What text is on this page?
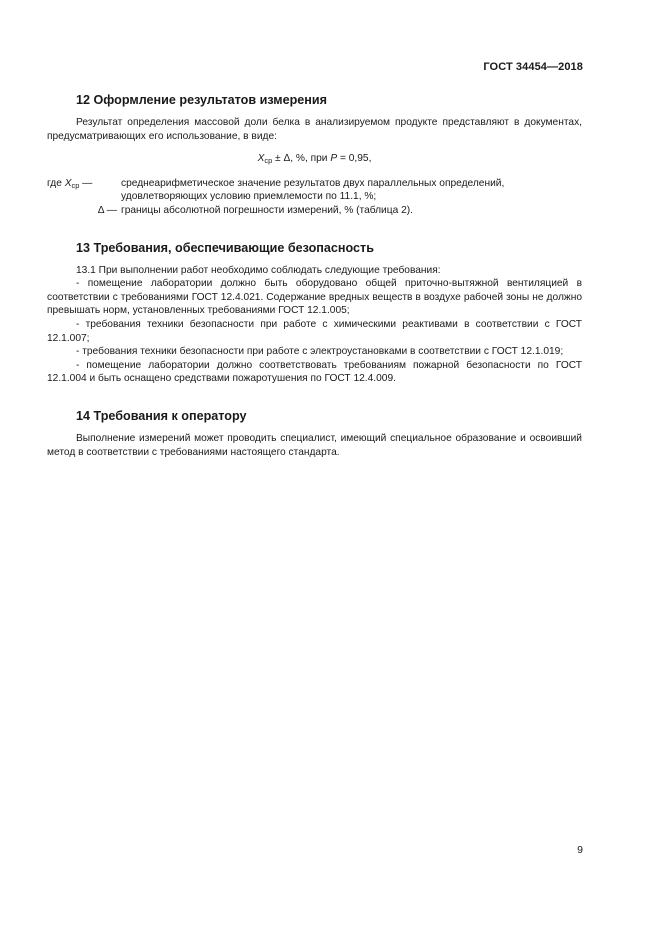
ГОСТ 34454—2018
12 Оформление результатов измерения

Результат определения массовой доли белка в анализируемом продукте представляют в документах, предусматривающих его использование, в виде:

$X_{ср} \pm \Delta$, %, при P = 0,95,
где $X_{ср}$ —	среднеарифметическое значение результатов двух параллельных определений, удовлетворяющих условию приемлемости по 11.1, %;
Δ — границы абсолютной погрешности измерений, % (таблица 2).
13 Требования, обеспечивающие безопасность

13.1 При выполнении работ необходимо соблюдать следующие требования:

- помещение лаборатории должно быть оборудовано общей приточно-вытяжной вентиляцией в соответствии с требованиями ГОСТ 12.4.021. Содержание вредных веществ в воздухе рабочей зоны не должно превышать норм, установленных требованиями ГОСТ 12.1.005;

- требования техники безопасности при работе с химическими реактивами в соответствии с ГОСТ 12.1.007;

- требования техники безопасности при работе с электроустановками в соответствии с ГОСТ 12.1.019;

- помещение лаборатории должно соответствовать требованиям пожарной безопасности по ГОСТ 12.1.004 и быть оснащено средствами пожаротушения по ГОСТ 12.4.009.

14 Требования к оператору

Выполнение измерений может проводить специалист, имеющий специальное образование и освоивший метод в соответствии с требованиями настоящего стандарта.

9
